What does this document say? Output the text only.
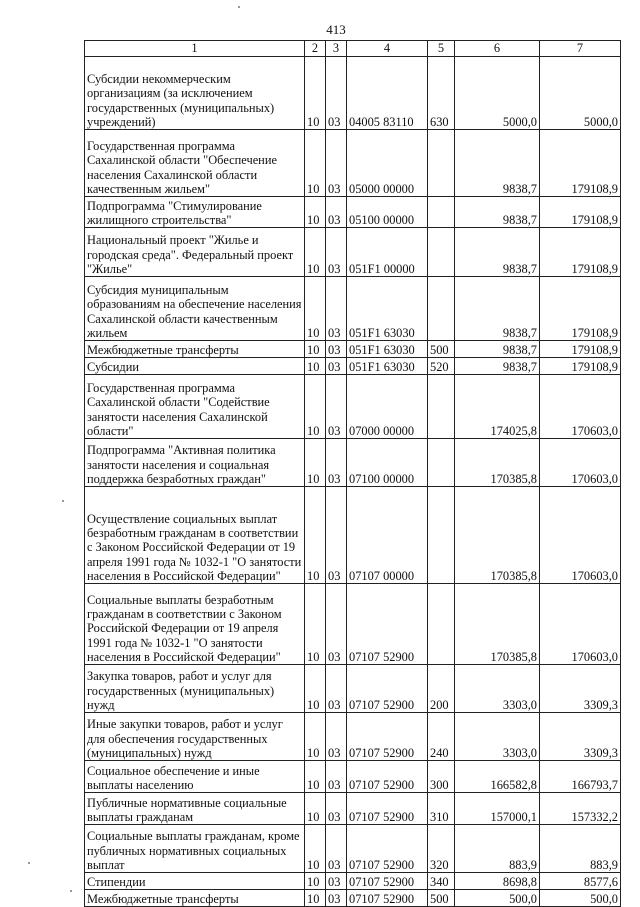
413
1	2	3	4	5	6	7
Субсидии некоммерческим организациям (за исключением государственных (муниципальных) учреждений)	10	03	04005 83110	630	5000,0	5000,0
Государственная программа Сахалинской области "Обеспечение населения Сахалинской области качественным жильем"	10	03	05000 00000		9838,7	179108,9
Подпрограмма "Стимулирование жилищного строительства"	10	03	05100 00000		9838,7	179108,9
Национальный проект "Жилье и городская среда". Федеральный проект "Жилье"	10	03	051F1 00000		9838,7	179108,9
Субсидия муниципальным образованиям на обеспечение населения Сахалинской области качественным жильем	10	03	051F1 63030		9838,7	179108,9
Межбюджетные трансферты	10	03	051F1 63030	500	9838,7	179108,9
Субсидии	10	03	051F1 63030	520	9838,7	179108,9
Государственная программа Сахалинской области "Содействие занятости населения Сахалинской области"	10	03	07000 00000		174025,8	170603,0
Подпрограмма "Активная политика занятости населения и социальная поддержка безработных граждан"	10	03	07100 00000		170385,8	170603,0
Осуществление социальных выплат безработным гражданам в соответствии с Законом Российской Федерации от 19 апреля 1991 года № 1032-1 "О занятости населения в Российской Федерации"	10	03	07107 00000		170385,8	170603,0
Социальные выплаты безработным гражданам в соответствии с Законом Российской Федерации от 19 апреля 1991 года № 1032-1 "О занятости населения в Российской Федерации"	10	03	07107 52900		170385,8	170603,0
Закупка товаров, работ и услуг для государственных (муниципальных) нужд	10	03	07107 52900	200	3303,0	3309,3
Иные закупки товаров, работ и услуг для обеспечения государственных (муниципальных) нужд	10	03	07107 52900	240	3303,0	3309,3
Социальное обеспечение и иные выплаты населению	10	03	07107 52900	300	166582,8	166793,7
Публичные нормативные социальные выплаты гражданам	10	03	07107 52900	310	157000,1	157332,2
Социальные выплаты гражданам, кроме публичных нормативных социальных выплат	10	03	07107 52900	320	883,9	883,9
Стипендии	10	03	07107 52900	340	8698,8	8577,6
Межбюджетные трансферты	10	03	07107 52900	500	500,0	500,0
